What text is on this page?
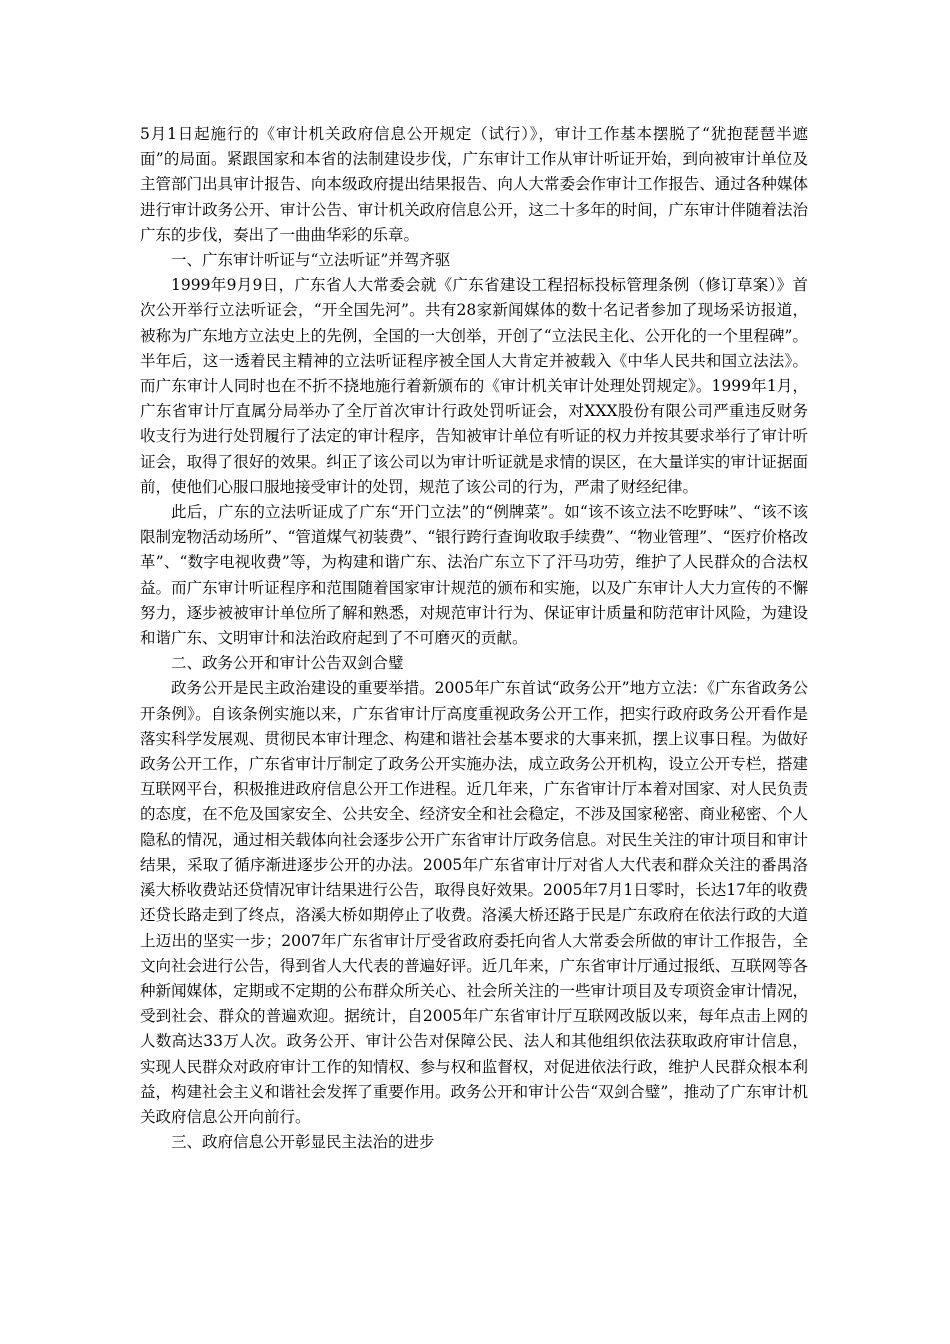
5月1日起施行的《审计机关政府信息公开规定（试行）》，审计工作基本摆脱了“犹抱琵琶半遮面”的局面。紧跟国家和本省的法制建设步伐，广东审计工作从审计听证开始，到向被审计单位及主管部门出具审计报告、向本级政府提出结果报告、向人大常委会作审计工作报告、通过各种媒体进行审计政务公开、审计公告、审计机关政府信息公开，这二十多年的时间，广东审计伴随着法治广东的步伐，奏出了一曲曲华彩的乐章。

一、广东审计听证与“立法听证”并驾齐驱

1999年9月9日，广东省人大常委会就《广东省建设工程招标投标管理条例（修订草案）》首次公开举行立法听证会，“开全国先河”。共有28家新闻媒体的数十名记者参加了现场采访报道，被称为广东地方立法史上的先例，全国的一大创举，开创了“立法民主化、公开化的一个里程碑”。半年后，这一透着民主精神的立法听证程序被全国人大肯定并被载入《中华人民共和国立法法》。而广东审计人同时也在不折不挠地施行着新颁布的《审计机关审计处理处罚规定》。1999年1月，广东省审计厅直属分局举办了全厅首次审计行政处罚听证会，对XXX股份有限公司严重违反财务收支行为进行处罚履行了法定的审计程序，告知被审计单位有听证的权力并按其要求举行了审计听证会，取得了很好的效果。纠正了该公司以为审计听证就是求情的误区，在大量详实的审计证据面前，使他们心服口服地接受审计的处罚，规范了该公司的行为，严肃了财经纪律。

此后，广东的立法听证成了广东“开门立法”的“例牌菜”。如“该不该立法不吃野味”、“该不该限制宠物活动场所”、“管道煤气初装费”、“银行跨行查询收取手续费”、“物业管理”、“医疗价格改革”、“数字电视收费”等，为构建和谐广东、法治广东立下了汗马功劳，维护了人民群众的合法权益。而广东审计听证程序和范围随着国家审计规范的颁布和实施，以及广东审计人大力宣传的不懈努力，逐步被被审计单位所了解和熟悉，对规范审计行为、保证审计质量和防范审计风险，为建设和谐广东、文明审计和法治政府起到了不可磨灭的贡献。

二、政务公开和审计公告双剑合璧

政务公开是民主政治建设的重要举措。2005年广东首试“政务公开”地方立法：《广东省政务公开条例》。自该条例实施以来，广东省审计厅高度重视政务公开工作，把实行政府政务公开看作是落实科学发展观、贯彻民本审计理念、构建和谐社会基本要求的大事来抓，摆上议事日程。为做好政务公开工作，广东省审计厅制定了政务公开实施办法，成立政务公开机构，设立公开专栏，搭建互联网平台，积极推进政府信息公开工作进程。近几年来，广东省审计厅本着对国家、对人民负责的态度，在不危及国家安全、公共安全、经济安全和社会稳定，不涉及国家秘密、商业秘密、个人隐私的情况，通过相关载体向社会逐步公开广东省审计厅政务信息。对民生关注的审计项目和审计结果，采取了循序渐进逐步公开的办法。2005年广东省审计厅对省人大代表和群众关注的番禺洛溪大桥收费站还贷情况审计结果进行公告，取得良好效果。2005年7月1日零时，长达17年的收费还贷长路走到了终点，洛溪大桥如期停止了收费。洛溪大桥还路于民是广东政府在依法行政的大道上迈出的坚实一步；2007年广东省审计厅受省政府委托向省人大常委会所做的审计工作报告，全文向社会进行公告，得到省人大代表的普遍好评。近几年来，广东省审计厅通过报纸、互联网等各种新闻媒体，定期或不定期的公布群众所关心、社会所关注的一些审计项目及专项资金审计情况，受到社会、群众的普遍欢迎。据统计，自2005年广东省审计厅互联网改版以来，每年点击上网的人数高达33万人次。政务公开、审计公告对保障公民、法人和其他组织依法获取政府审计信息，实现人民群众对政府审计工作的知情权、参与权和监督权，对促进依法行政，维护人民群众根本利益，构建社会主义和谐社会发挥了重要作用。政务公开和审计公告“双剑合璧”，推动了广东审计机关政府信息公开向前行。

三、政府信息公开彰显民主法治的进步
